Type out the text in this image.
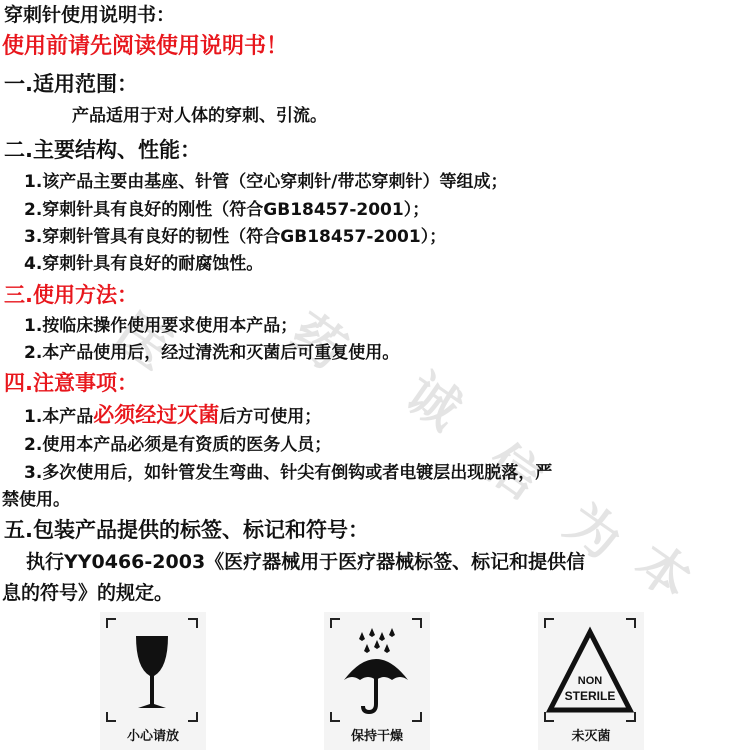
医 药
诚
信
为
本
穿刺针使用说明书：
使用前请先阅读使用说明书！
一.适用范围：
产品适用于对人体的穿刺、引流。
二.主要结构、性能：
1.该产品主要由基座、针管（空心穿刺针/带芯穿刺针）等组成；
2.穿刺针具有良好的刚性（符合GB18457-2001）；
3.穿刺针管具有良好的韧性（符合GB18457-2001）；
4.穿刺针具有良好的耐腐蚀性。
三.使用方法：
1.按临床操作使用要求使用本产品；
2.本产品使用后，经过清洗和灭菌后可重复使用。
四.注意事项：
1.本产品必须经过灭菌后方可使用；
2.使用本产品必须是有资质的医务人员；
3.多次使用后，如针管发生弯曲、针尖有倒钩或者电镀层出现脱落，严
禁使用。
五.包装产品提供的标签、标记和符号：
执行YY0466-2003《医疗器械用于医疗器械标签、标记和提供信
息的符号》的规定。
小心请放	保持干燥
NON
STERILE
未灭菌
